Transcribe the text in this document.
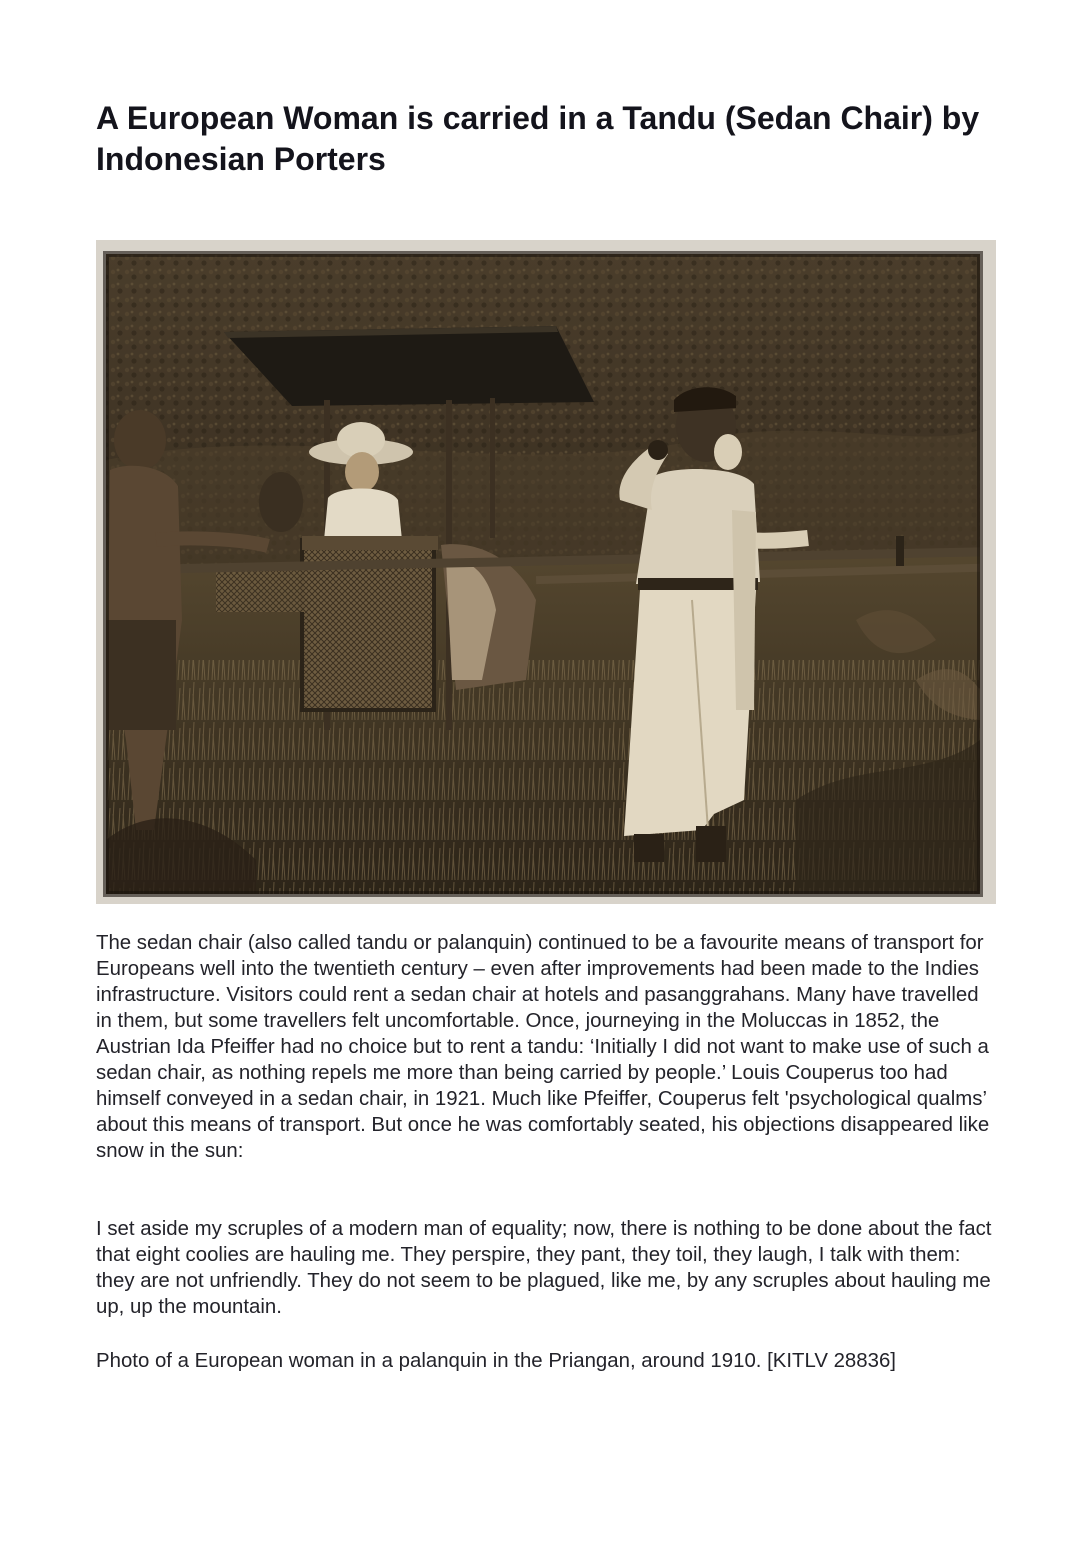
A European Woman is carried in a Tandu (Sedan Chair) by Indonesian Porters

The sedan chair (also called tandu or palanquin) continued to be a favourite means of transport for Europeans well into the twentieth century – even after improvements had been made to the Indies infrastructure. Visitors could rent a sedan chair at hotels and pasanggrahans. Many have travelled in them, but some travellers felt uncomfortable. Once, journeying in the Moluccas in 1852, the Austrian Ida Pfeiffer had no choice but to rent a tandu: ‘Initially I did not want to make use of such a sedan chair, as nothing repels me more than being carried by people.’ Louis Couperus too had himself conveyed in a sedan chair, in 1921. Much like Pfeiffer, Couperus felt 'psychological qualms’ about this means of transport. But once he was comfortably seated, his objections disappeared like snow in the sun:

I set aside my scruples of a modern man of equality; now, there is nothing to be done about the fact that eight coolies are hauling me. They perspire, they pant, they toil, they laugh, I talk with them: they are not unfriendly. They do not seem to be plagued, like me, by any scruples about hauling me up, up the mountain.

Photo of a European woman in a palanquin in the Priangan, around 1910. [KITLV 28836]
